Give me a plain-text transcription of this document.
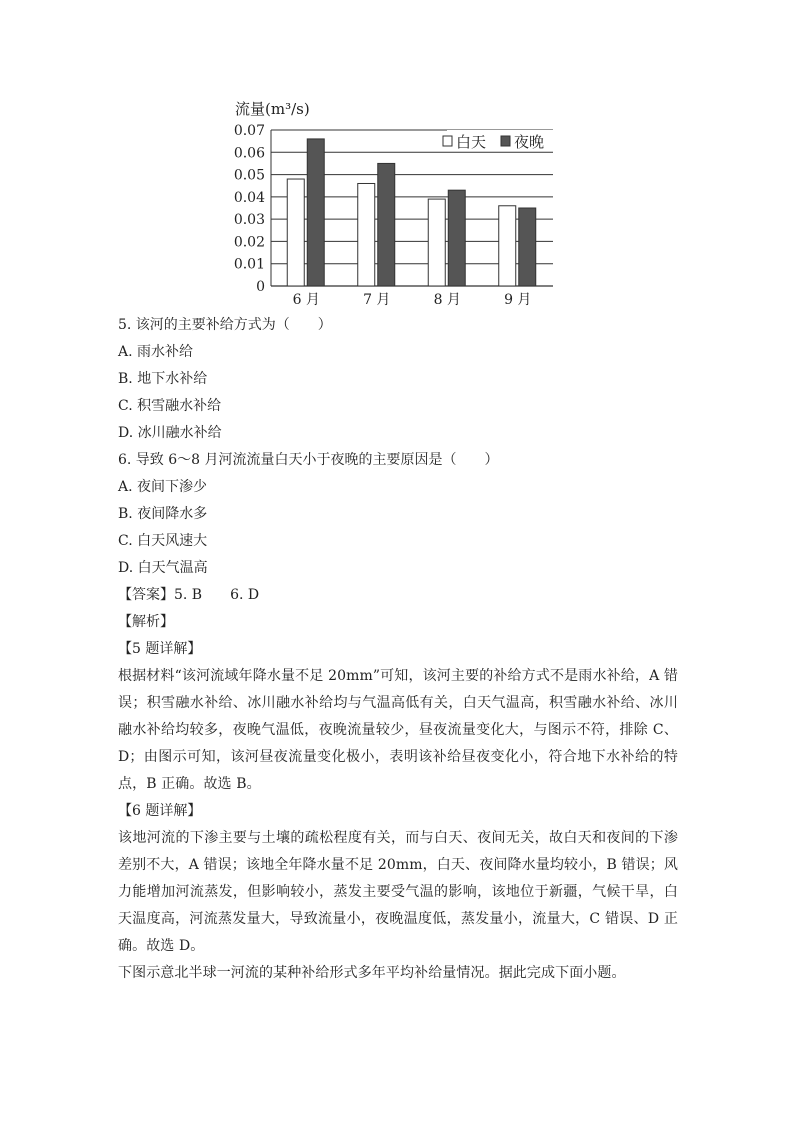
流量(m³/s)
0
0.01
0.02
0.03
0.04
0.05
0.06
0.07
6 月	7 月	8 月	9 月
白天 夜晚
5. 该河的主要补给方式为（　　）
A. 雨水补给
B. 地下水补给
C. 积雪融水补给
D. 冰川融水补给
6. 导致 6～8 月河流流量白天小于夜晚的主要原因是（　　）
A. 夜间下渗少
B. 夜间降水多
C. 白天风速大
D. 白天气温高
【答案】5. B　　6. D
【解析】
【5 题详解】
根据材料“该河流域年降水量不足 20mm”可知，该河主要的补给方式不是雨水补给，A 错误；积雪融水补给、冰川融水补给均与气温高低有关，白天气温高，积雪融水补给、冰川融水补给均较多，夜晚气温低，夜晚流量较少，昼夜流量变化大，与图示不符，排除 C、D；由图示可知，该河昼夜流量变化极小，表明该补给昼夜变化小，符合地下水补给的特点，B 正确。故选 B。
【6 题详解】
该地河流的下渗主要与土壤的疏松程度有关，而与白天、夜间无关，故白天和夜间的下渗差别不大，A 错误；该地全年降水量不足 20mm，白天、夜间降水量均较小，B 错误；风力能增加河流蒸发，但影响较小，蒸发主要受气温的影响，该地位于新疆，气候干旱，白天温度高，河流蒸发量大，导致流量小，夜晚温度低，蒸发量小，流量大，C 错误、D 正确。故选 D。
下图示意北半球一河流的某种补给形式多年平均补给量情况。据此完成下面小题。
